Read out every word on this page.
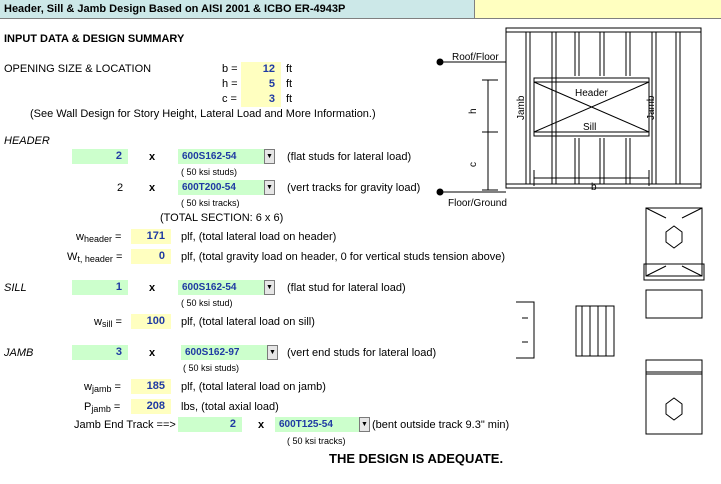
Header, Sill & Jamb Design Based on AISI 2001 & ICBO ER-4943P
INPUT DATA & DESIGN SUMMARY
OPENING SIZE & LOCATION	b =	12	ft
h =	5	ft
c =	3	ft
(See Wall Design for Story Height, Lateral Load and More Information.)
HEADER
2	x	600S162-54	▼ (flat studs for lateral load)
( 50 ksi studs)
2 x	600T200-54	▼ (vert tracks for gravity load)
( 50 ksi tracks)
(TOTAL SECTION: 6 x 6)
wheader =	171	plf, (total lateral load on header)
Wt, header =	0	plf, (total gravity load on header, 0 for vertical studs tension above)
SILL	1	x	600S162-54	▼ (flat stud for lateral load)
( 50 ksi stud)
wsill =	100	plf, (total lateral load on sill)
JAMB	3	x	600S162-97	▼ (vert end studs for lateral load)
( 50 ksi studs)
wjamb =	185	plf, (total lateral load on jamb)
Pjamb =	208	lbs, (total axial load)
Jamb End Track ==>	2	x	600T125-54	▼ (bent outside track 9.3" min)
( 50 ksi tracks)
THE DESIGN IS ADEQUATE.
Roof/Floor
Floor/Ground
Header
Sill
Jamb	Jamb
h
c
b
